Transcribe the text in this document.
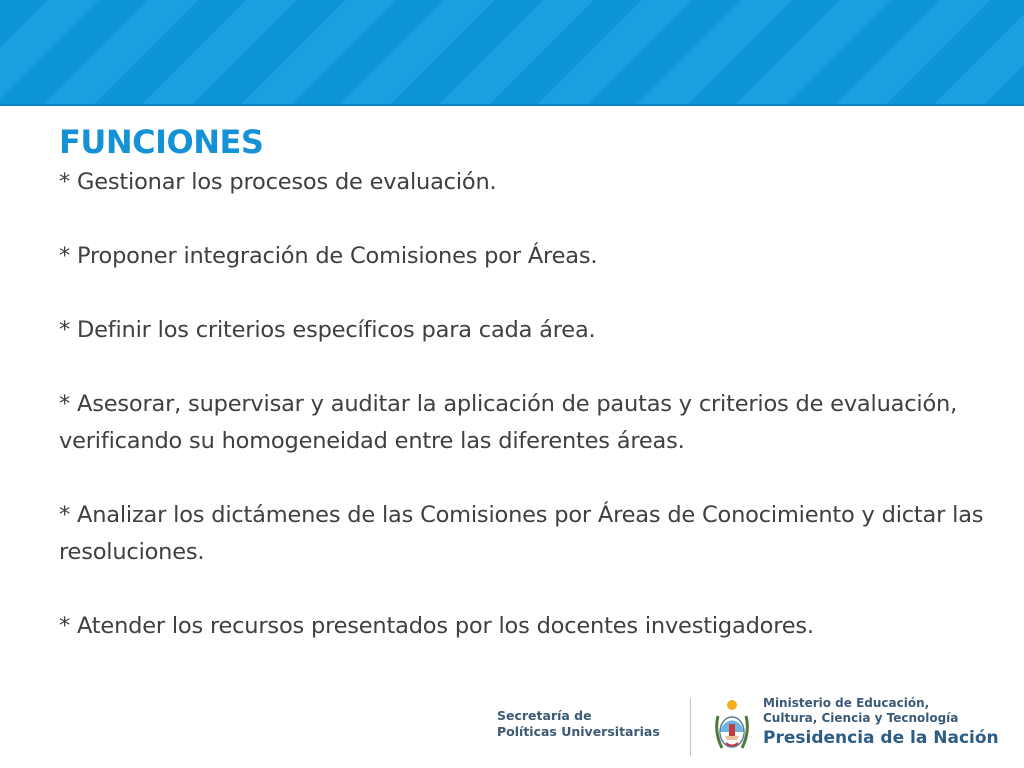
FUNCIONES
* Gestionar los procesos de evaluación.
* Proponer integración de Comisiones por Áreas.
* Definir los criterios específicos para cada área.
* Asesorar, supervisar y auditar la aplicación de pautas y criterios de evaluación, verificando su homogeneidad entre las diferentes áreas.
* Analizar los dictámenes de las Comisiones por Áreas de Conocimiento y dictar las resoluciones.
* Atender los recursos presentados por los docentes investigadores.
Secretaría de
Políticas Universitarias
Ministerio de Educación,
Cultura, Ciencia y Tecnología
Presidencia de la Nación
